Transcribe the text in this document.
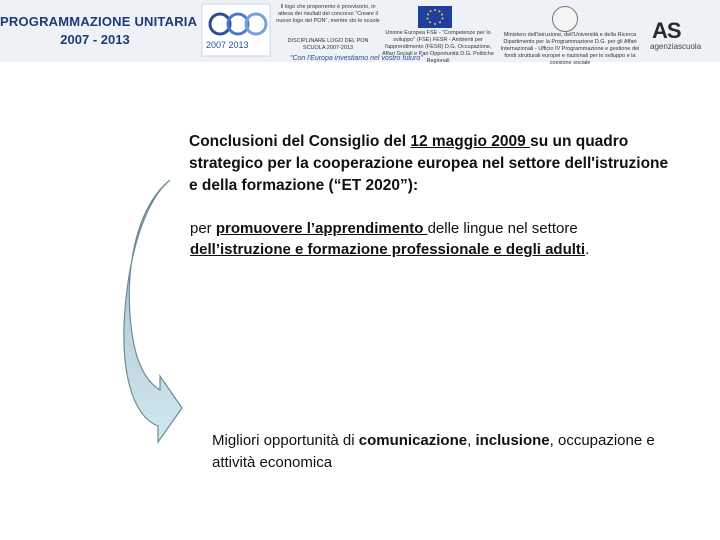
PROGRAMMAZIONE UNITARIA
2007 - 2013	2007 2013
Il logo che proporremo è provvisorio, in attesa dei risultati del concorso "Creare il nuovo logo del PON", mentre sto le scuole
DISCIPLINARE LOGO DEL PON SCUOLA 2007-2013
Unione Europea FSE - "Competenze per lo sviluppo" (FSE) FESR - Ambienti per l'apprendimento (FESR) D.G. Occupazione, Affari Sociali e Pari Opportunità D.G. Politiche Regionali
Ministero dell'Istruzione, dell'Università e della Ricerca Dipartimento per la Programmazione D.G. per gli Affari Internazionali - Ufficio IV Programmazione e gestione dei fondi strutturali europei e nazionali per lo sviluppo e la coesione sociale
AS
agenziascuola
"Con l'Europa investiamo nel vostro futuro"
Conclusioni del Consiglio del 12 maggio 2009 su un quadro strategico per la cooperazione europea nel settore dell'istruzione e della formazione (“ET 2020”):
per promuovere l’apprendimento delle lingue nel settore dell’istruzione e formazione professionale e degli adulti.
Migliori opportunità di comunicazione, inclusione, occupazione e attività economica
